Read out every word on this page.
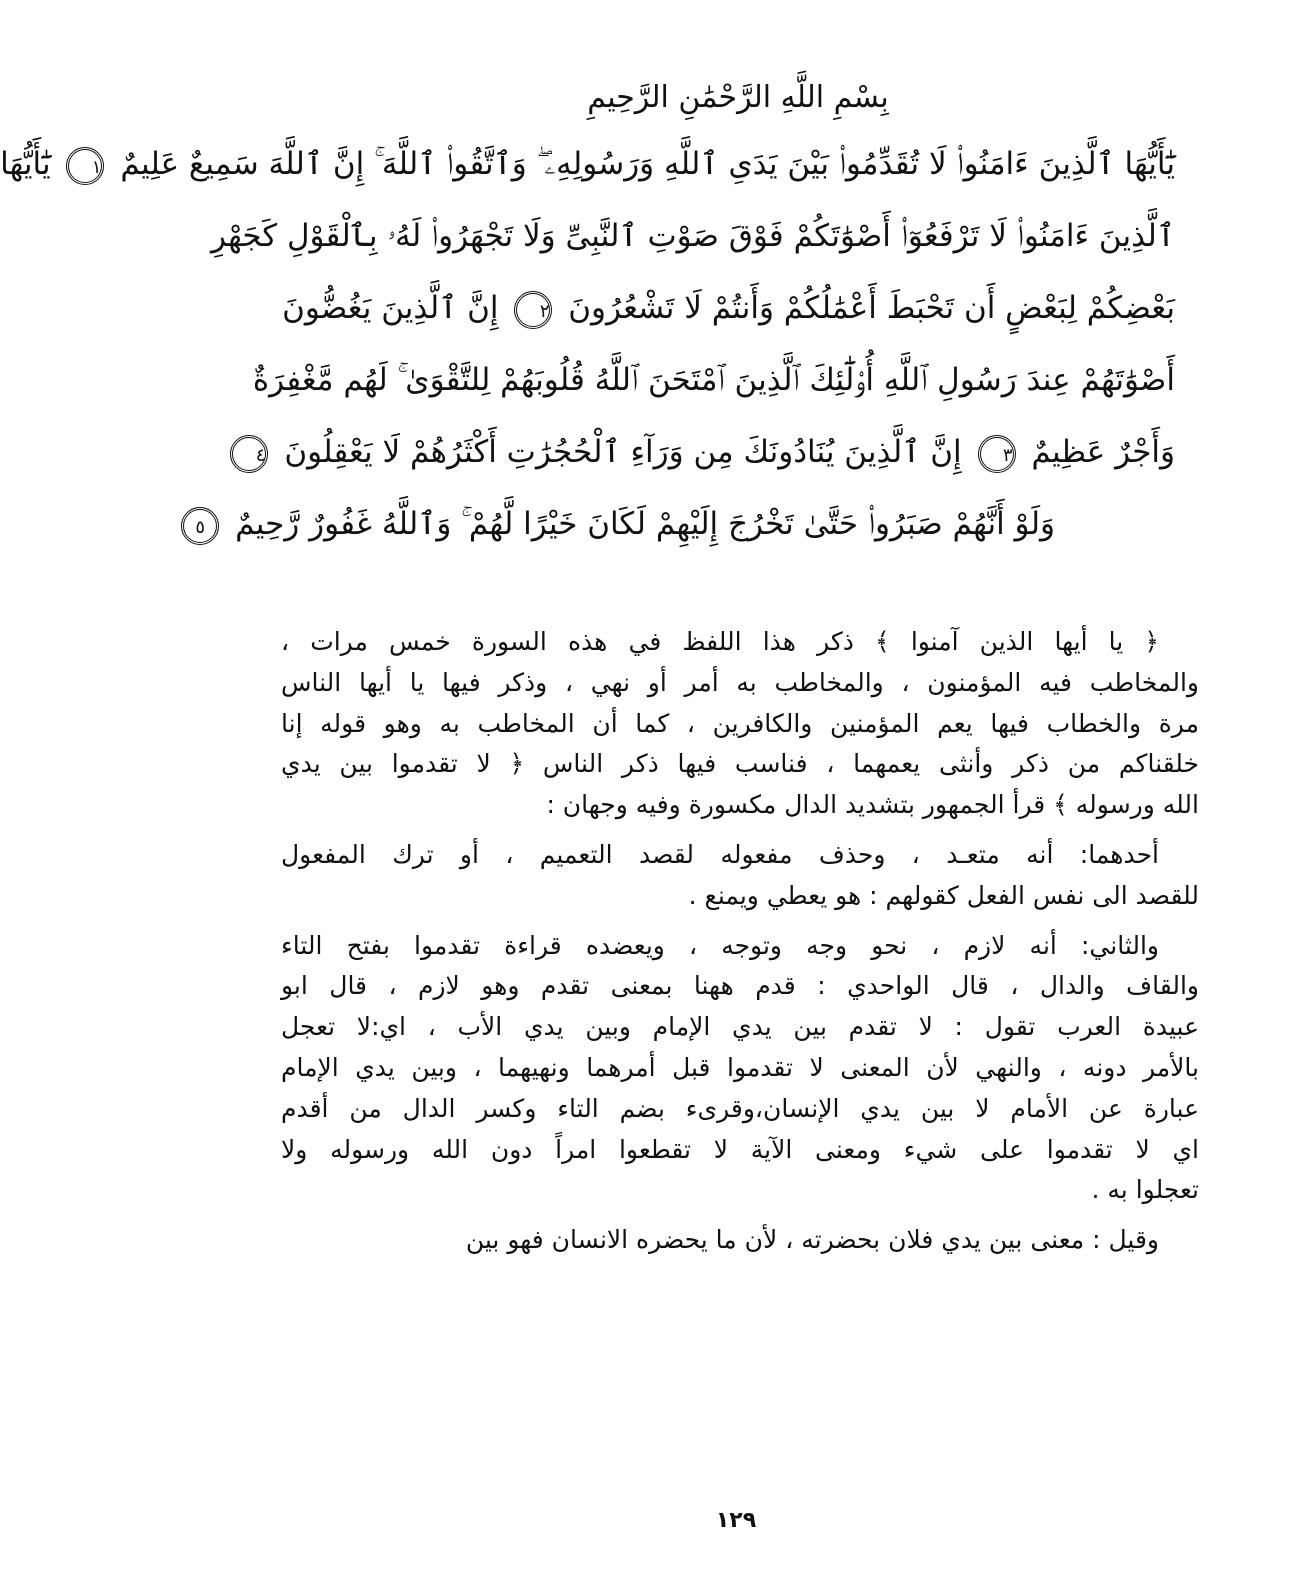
بِسْمِ اللَّهِ الرَّحْمَٰنِ الرَّحِيمِ
يَٰٓأَيُّهَا ٱلَّذِينَ ءَامَنُوا۟ لَا تُقَدِّمُوا۟ بَيْنَ يَدَىِ ٱللَّهِ وَرَسُولِهِۦ ۖ وَٱتَّقُوا۟ ٱللَّهَ ۚ إِنَّ ٱللَّهَ سَمِيعٌ عَلِيمٌ ١ يَٰٓأَيُّهَا
ٱلَّذِينَ ءَامَنُوا۟ لَا تَرْفَعُوٓا۟ أَصْوَٰتَكُمْ فَوْقَ صَوْتِ ٱلنَّبِىِّ وَلَا تَجْهَرُوا۟ لَهُۥ بِٱلْقَوْلِ كَجَهْرِ
بَعْضِكُمْ لِبَعْضٍ أَن تَحْبَطَ أَعْمَٰلُكُمْ وَأَنتُمْ لَا تَشْعُرُونَ ٢ إِنَّ ٱلَّذِينَ يَغُضُّونَ
أَصْوَٰتَهُمْ عِندَ رَسُولِ ٱللَّهِ أُو۟لَٰٓئِكَ ٱلَّذِينَ ٱمْتَحَنَ ٱللَّهُ قُلُوبَهُمْ لِلتَّقْوَىٰ ۚ لَهُم مَّغْفِرَةٌ
وَأَجْرٌ عَظِيمٌ ٣ إِنَّ ٱلَّذِينَ يُنَادُونَكَ مِن وَرَآءِ ٱلْحُجُرَٰتِ أَكْثَرُهُمْ لَا يَعْقِلُونَ ٤
وَلَوْ أَنَّهُمْ صَبَرُوا۟ حَتَّىٰ تَخْرُجَ إِلَيْهِمْ لَكَانَ خَيْرًا لَّهُمْ ۚ وَٱللَّهُ غَفُورٌ رَّحِيمٌ ٥
﴿ يا أيها الذين آمنوا ﴾ ذكر هذا اللفظ في هذه السورة خمس مرات ،
والمخاطب فيه المؤمنون ، والمخاطب به أمر أو نهي ، وذكر فيها يا أيها الناس
مرة والخطاب فيها يعم المؤمنين والكافرين ، كما أن المخاطب به وهو قوله إنا
خلقناكم من ذكر وأنثى يعمهما ، فناسب فيها ذكر الناس ﴿ لا تقدموا بين يدي
الله ورسوله ﴾ قرأ الجمهور بتشديد الدال مكسورة وفيه وجهان :
أحدهما: أنه متعـد ، وحذف مفعوله لقصد التعميم ، أو ترك المفعول
للقصد الى نفس الفعل كقولهم : هو يعطي ويمنع .
والثاني: أنه لازم ، نحو وجه وتوجه ، ويعضده قراءة تقدموا بفتح التاء
والقاف والدال ، قال الواحدي : قدم ههنا بمعنى تقدم وهو لازم ، قال ابو
عبيدة العرب تقول : لا تقدم بين يدي الإمام وبين يدي الأب ، اي:لا تعجل
بالأمر دونه ، والنهي لأن المعنى لا تقدموا قبل أمرهما ونهيهما ، وبين يدي الإمام
عبارة عن الأمام لا بين يدي الإنسان،وقرىء بضم التاء وكسر الدال من أقدم
اي لا تقدموا على شيء ومعنى الآية لا تقطعوا امراً دون الله ورسوله ولا
تعجلوا به .
وقيل : معنى بين يدي فلان بحضرته ، لأن ما يحضره الانسان فهو بين
١٢٩
